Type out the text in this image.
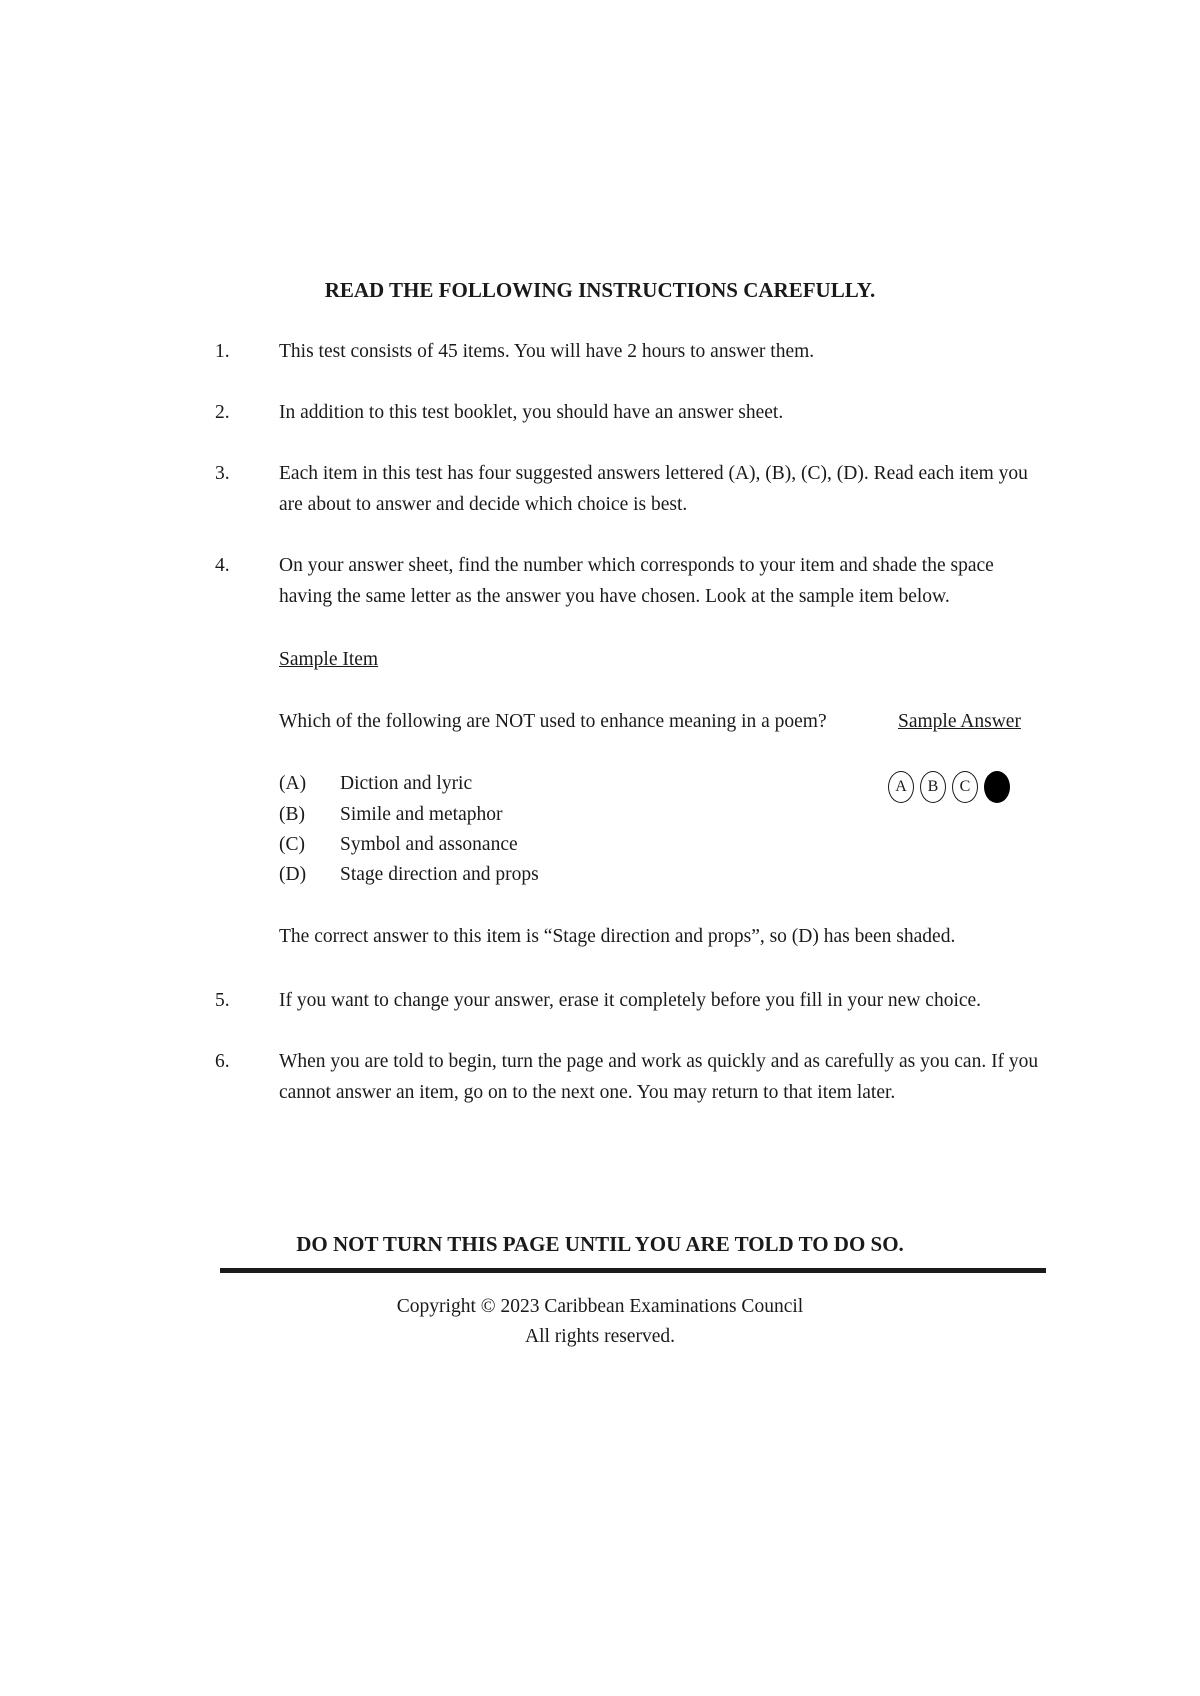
READ THE FOLLOWING INSTRUCTIONS CAREFULLY.
1.	This test consists of 45 items. You will have 2 hours to answer them.
2.	In addition to this test booklet, you should have an answer sheet.
3.	Each item in this test has four suggested answers lettered (A), (B), (C), (D). Read each item you are about to answer and decide which choice is best.
4.	On your answer sheet, find the number which corresponds to your item and shade the space having the same letter as the answer you have chosen. Look at the sample item below.
Sample Item
Which of the following are NOT used to enhance meaning in a poem?	Sample Answer
(A) Diction and lyric
(B) Simile and metaphor
(C) Symbol and assonance
(D) Stage direction and props
A	B	C	D
The correct answer to this item is “Stage direction and props”, so (D) has been shaded.
5.	If you want to change your answer, erase it completely before you fill in your new choice.
6.	When you are told to begin, turn the page and work as quickly and as carefully as you can. If you cannot answer an item, go on to the next one. You may return to that item later.
DO NOT TURN THIS PAGE UNTIL YOU ARE TOLD TO DO SO.
Copyright © 2023 Caribbean Examinations Council
All rights reserved.
